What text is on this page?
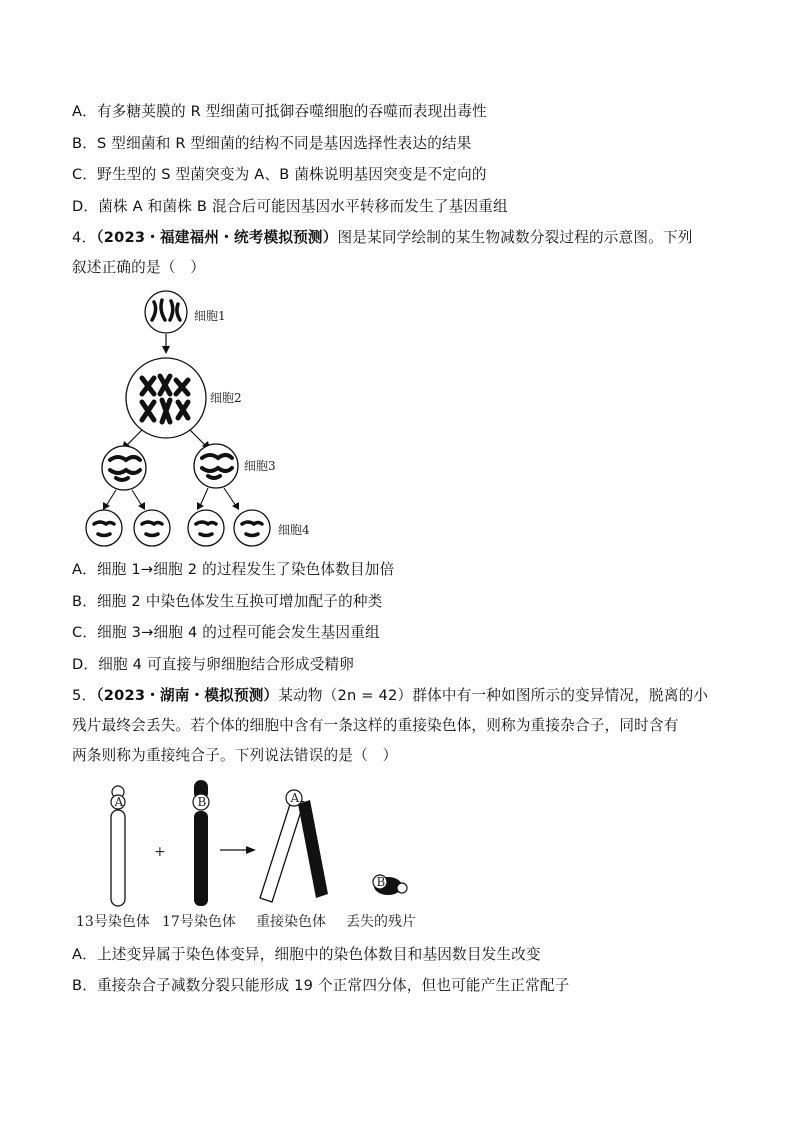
A．有多糖荚膜的 R 型细菌可抵御吞噬细胞的吞噬而表现出毒性
B．S 型细菌和 R 型细菌的结构不同是基因选择性表达的结果
C．野生型的 S 型菌突变为 A、B 菌株说明基因突变是不定向的
D．菌株 A 和菌株 B 混合后可能因基因水平转移而发生了基因重组
4．（2023・福建福州・统考模拟预测）图是某同学绘制的某生物减数分裂过程的示意图。下列
叙述正确的是（　）
细胞1
细胞2
细胞3
细胞4
A．细胞 1→细胞 2 的过程发生了染色体数目加倍
B．细胞 2 中染色体发生互换可增加配子的种类
C．细胞 3→细胞 4 的过程可能会发生基因重组
D．细胞 4 可直接与卵细胞结合形成受精卵
5．（2023・湖南・模拟预测）某动物（2n = 42）群体中有一种如图所示的变异情况，脱离的小
残片最终会丢失。若个体的细胞中含有一条这样的重接染色体，则称为重接杂合子，同时含有
两条则称为重接纯合子。下列说法错误的是（　）
A
+
B	A
B
13号染色体 17号染色体 重接染色体 丢失的残片
A．上述变异属于染色体变异，细胞中的染色体数目和基因数目发生改变
B．重接杂合子减数分裂只能形成 19 个正常四分体，但也可能产生正常配子
